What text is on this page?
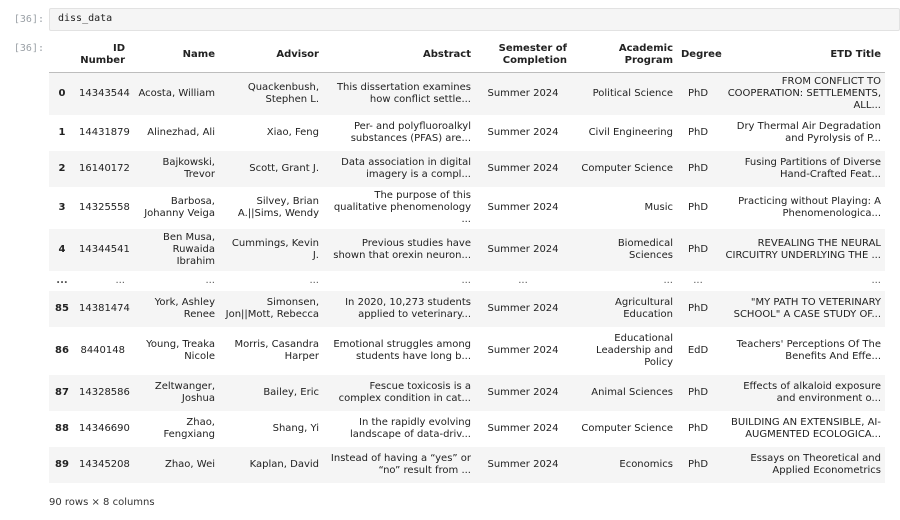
[36]:	diss_data
[36]:
		ID Number	Name	Advisor	Abstract	Semester of Completion	Academic Program	Degree	ETD Title
0	14343544	Acosta, William	Quackenbush, Stephen L.	This dissertation examines how conflict settle...	Summer 2024	Political Science	PhD	FROM CONFLICT TO COOPERATION: SETTLEMENTS, ALL...
1	14431879	Alinezhad, Ali	Xiao, Feng	Per- and polyfluoroalkyl substances (PFAS) are...	Summer 2024	Civil Engineering	PhD	Dry Thermal Air Degradation and Pyrolysis of P...
2	16140172	Bajkowski, Trevor	Scott, Grant J.	Data association in digital imagery is a compl...	Summer 2024	Computer Science	PhD	Fusing Partitions of Diverse Hand-Crafted Feat...
3	14325558	Barbosa, Johanny Veiga	Silvey, Brian A.||Sims, Wendy	The purpose of this qualitative phenomenology ...	Summer 2024	Music	PhD	Practicing without Playing: A Phenomenologica...
4	14344541	Ben Musa, Ruwaida Ibrahim	Cummings, Kevin J.	Previous studies have shown that orexin neuron...	Summer 2024	Biomedical Sciences	PhD	REVEALING THE NEURAL CIRCUITRY UNDERLYING THE ...
...	...	...	...	...	...	...	...	...
85	14381474	York, Ashley Renee	Simonsen, Jon||Mott, Rebecca	In 2020, 10,273 students applied to veterinary...	Summer 2024	Agricultural Education	PhD	"MY PATH TO VETERINARY SCHOOL" A CASE STUDY OF...
86	8440148	Young, Treaka Nicole	Morris, Casandra Harper	Emotional struggles among students have long b...	Summer 2024	Educational Leadership and Policy	EdD	Teachers' Perceptions Of The Benefits And Effe...
87	14328586	Zeltwanger, Joshua	Bailey, Eric	Fescue toxicosis is a complex condition in cat...	Summer 2024	Animal Sciences	PhD	Effects of alkaloid exposure and environment o...
88	14346690	Zhao, Fengxiang	Shang, Yi	In the rapidly evolving landscape of data-driv...	Summer 2024	Computer Science	PhD	BUILDING AN EXTENSIBLE, AI-AUGMENTED ECOLOGICA...
89	14345208	Zhao, Wei	Kaplan, David	Instead of having a “yes” or “no” result from ...	Summer 2024	Economics	PhD	Essays on Theoretical and Applied Econometrics
90 rows × 8 columns
